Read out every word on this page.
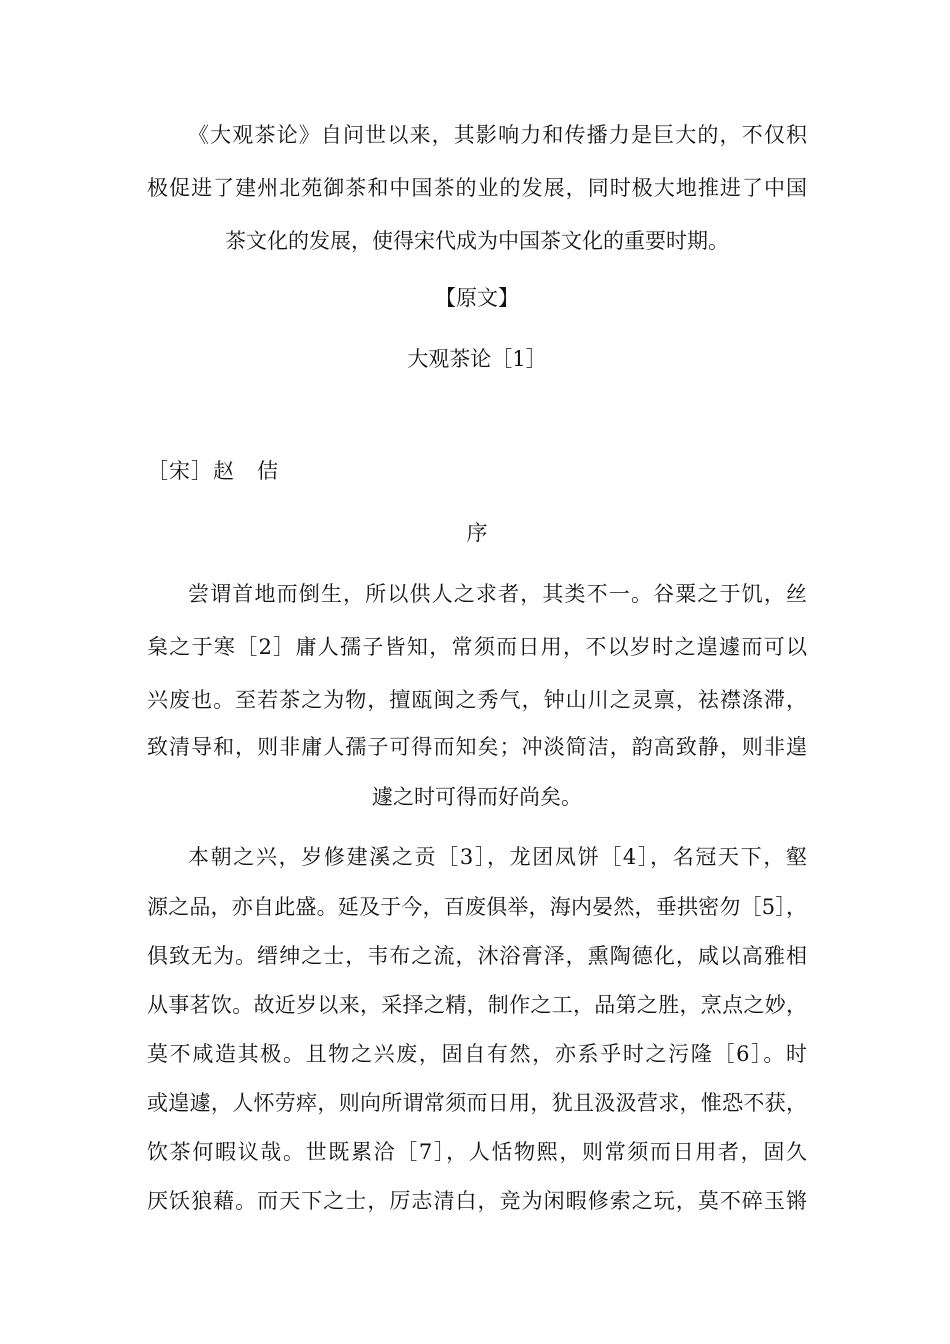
《大观茶论》自问世以来，其影响力和传播力是巨大的，不仅积
极促进了建州北苑御茶和中国茶的业的发展，同时极大地推进了中国
茶文化的发展，使得宋代成为中国茶文化的重要时期。
【原文】
大观茶论［1］
［宋］赵　佶
序
尝谓首地而倒生，所以供人之求者，其类不一。谷粟之于饥，丝
枲之于寒［2］庸人孺子皆知，常须而日用，不以岁时之遑遽而可以
兴废也。至若茶之为物，擅瓯闽之秀气，钟山川之灵禀，祛襟涤滞，
致清导和，则非庸人孺子可得而知矣；冲淡简洁，韵高致静，则非遑
遽之时可得而好尚矣。
本朝之兴，岁修建溪之贡［3］，龙团凤饼［4］，名冠天下，壑
源之品，亦自此盛。延及于今，百废俱举，海内晏然，垂拱密勿［5］，
俱致无为。缙绅之士，韦布之流，沐浴膏泽，熏陶德化，咸以高雅相
从事茗饮。故近岁以来，采择之精，制作之工，品第之胜，烹点之妙，
莫不咸造其极。且物之兴废，固自有然，亦系乎时之污隆［6］。时
或遑遽，人怀劳瘁，则向所谓常须而日用，犹且汲汲营求，惟恐不获，
饮茶何暇议哉。世既累洽［7］，人恬物熙，则常须而日用者，固久
厌饫狼藉。而天下之士，厉志清白，竞为闲暇修索之玩，莫不碎玉锵
